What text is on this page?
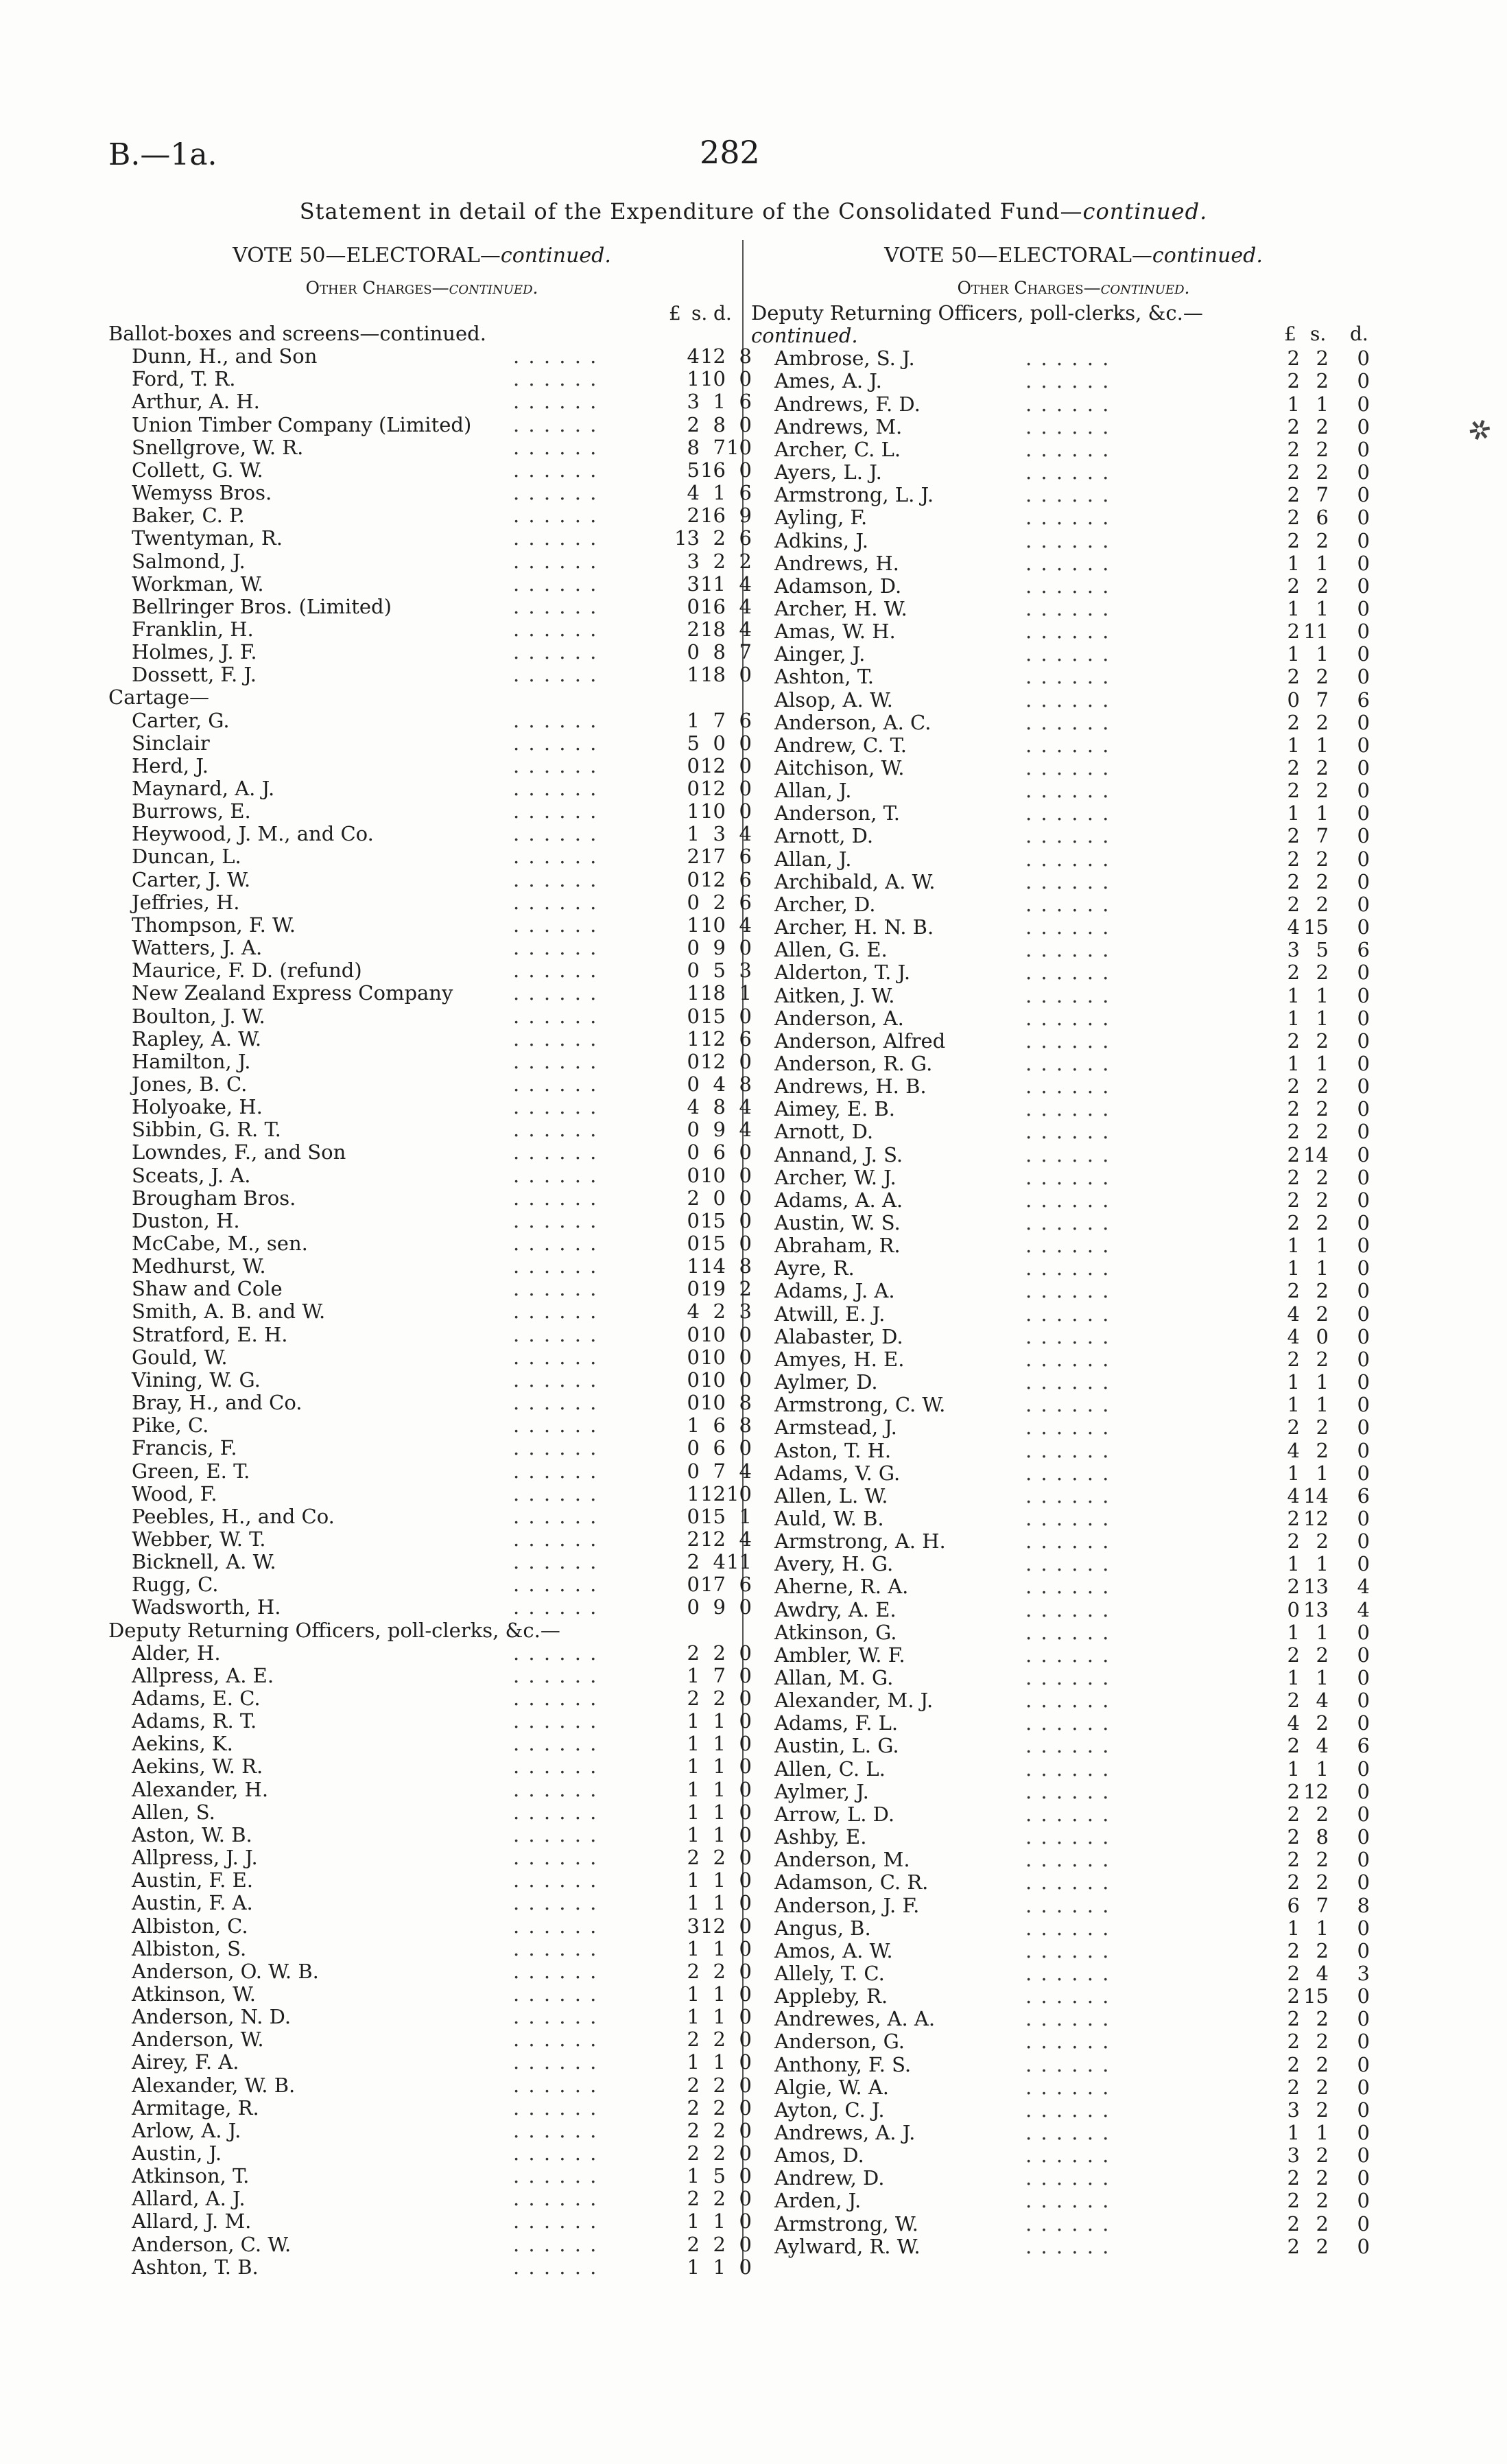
B.—1a.	282
Statement in detail of the Expenditure of the Consolidated Fund—continued.
VOTE 50—ELECTORAL—continued.
Other Charges—continued.
VOTE 50—ELECTORAL—continued.
Other Charges—continued.
£ s. d.
£ s. d.
Ballot-boxes and screens—continued.
Dunn, H., and Son	. . . . . .	4 12 8
Ford, T. R.	. . . . . .	1 10 0
Arthur, A. H.	. . . . . .	3 1 6
Union Timber Company (Limited) . . . . . .	2 8 0
Snellgrove, W. R.	. . . . . .	8 7 10
Collett, G. W.	. . . . . .	5 16 0
Wemyss Bros.	. . . . . .	4 1 6
Baker, C. P.	. . . . . .	2 16 9
Twentyman, R.	. . . . . .	13 2 6
Salmond, J.	. . . . . .	3 2 2
Workman, W.	. . . . . .	3 11 4
Bellringer Bros. (Limited)	. . . . . .	0 16 4
Franklin, H.	. . . . . .	2 18 4
Holmes, J. F.	. . . . . .	0 8 7
Dossett, F. J.	. . . . . .	1 18 0
Cartage—
Carter, G.	. . . . . .	1 7 6
Sinclair	. . . . . .	5 0 0
Herd, J.	. . . . . .	0 12 0
Maynard, A. J.	. . . . . .	0 12 0
Burrows, E.	. . . . . .	1 10 0
Heywood, J. M., and Co.	. . . . . .	1 3 4
Duncan, L.	. . . . . .	2 17 6
Carter, J. W.	. . . . . .	0 12 6
Jeffries, H.	. . . . . .	0 2 6
Thompson, F. W.	. . . . . .	1 10 4
Watters, J. A.	. . . . . .	0 9 0
Maurice, F. D. (refund)	. . . . . .	0 5 3
New Zealand Express Company	. . . . . .	1 18 1
Boulton, J. W.	. . . . . .	0 15 0
Rapley, A. W.	. . . . . .	1 12 6
Hamilton, J.	. . . . . .	0 12 0
Jones, B. C.	. . . . . .	0 4 8
Holyoake, H.	. . . . . .	4 8 4
Sibbin, G. R. T.	. . . . . .	0 9 4
Lowndes, F., and Son	. . . . . .	0 6 0
Sceats, J. A.	. . . . . .	0 10 0
Brougham Bros.	. . . . . .	2 0 0
Duston, H.	. . . . . .	0 15 0
McCabe, M., sen.	. . . . . .	0 15 0
Medhurst, W.	. . . . . .	1 14 8
Shaw and Cole	. . . . . .	0 19 2
Smith, A. B. and W.	. . . . . .	4 2 3
Stratford, E. H.	. . . . . .	0 10 0
Gould, W.	. . . . . .	0 10 0
Vining, W. G.	. . . . . .	0 10 0
Bray, H., and Co.	. . . . . .	0 10 8
Pike, C.	. . . . . .	1 6 8
Francis, F.	. . . . . .	0 6 0
Green, E. T.	. . . . . .	0 7 4
Wood, F.	. . . . . .	1 12 10
Peebles, H., and Co.	. . . . . .	0 15 1
Webber, W. T.	. . . . . .	2 12 4
Bicknell, A. W.	. . . . . .	2 4 11
Rugg, C.	. . . . . .	0 17 6
Wadsworth, H.	. . . . . .	0 9 0
Deputy Returning Officers, poll-clerks, &c.—
Alder, H.	. . . . . .	2 2 0
Allpress, A. E.	. . . . . .	1 7 0
Adams, E. C.	. . . . . .	2 2 0
Adams, R. T.	. . . . . .	1 1 0
Aekins, K.	. . . . . .	1 1 0
Aekins, W. R.	. . . . . .	1 1 0
Alexander, H.	. . . . . .	1 1 0
Allen, S.	. . . . . .	1 1 0
Aston, W. B.	. . . . . .	1 1 0
Allpress, J. J.	. . . . . .	2 2 0
Austin, F. E.	. . . . . .	1 1 0
Austin, F. A.	. . . . . .	1 1 0
Albiston, C.	. . . . . .	3 12 0
Albiston, S.	. . . . . .	1 1 0
Anderson, O. W. B.	. . . . . .	2 2 0
Atkinson, W.	. . . . . .	1 1 0
Anderson, N. D.	. . . . . .	1 1 0
Anderson, W.	. . . . . .	2 2 0
Airey, F. A.	. . . . . .	1 1 0
Alexander, W. B.	. . . . . .	2 2 0
Armitage, R.	. . . . . .	2 2 0
Arlow, A. J.	. . . . . .	2 2 0
Austin, J.	. . . . . .	2 2 0
Atkinson, T.	. . . . . .	1 5 0
Allard, A. J.	. . . . . .	2 2 0
Allard, J. M.	. . . . . .	1 1 0
Anderson, C. W.	. . . . . .	2 2 0
Ashton, T. B.	. . . . . .	1 1 0
Deputy Returning Officers, poll-clerks, &c.—
continued.
Ambrose, S. J.	. . . . . .	2 2	0
Ames, A. J.	. . . . . .	2 2	0
Andrews, F. D.	. . . . . .	1 1	0
Andrews, M.	. . . . . .	2 2	0
Archer, C. L.	. . . . . .	2 2	0
Ayers, L. J.	. . . . . .	2 2	0
Armstrong, L. J.	. . . . . .	2 7	0
Ayling, F.	. . . . . .	2 6	0
Adkins, J.	. . . . . .	2 2	0
Andrews, H.	. . . . . .	1 1	0
Adamson, D.	. . . . . .	2 2	0
Archer, H. W.	. . . . . .	1 1	0
Amas, W. H.	. . . . . .	2 11	0
Ainger, J.	. . . . . .	1 1	0
Ashton, T.	. . . . . .	2 2	0
Alsop, A. W.	. . . . . .	0 7	6
Anderson, A. C.	. . . . . .	2 2	0
Andrew, C. T.	. . . . . .	1 1	0
Aitchison, W.	. . . . . .	2 2	0
Allan, J.	. . . . . .	2 2	0
Anderson, T.	. . . . . .	1 1	0
Arnott, D.	. . . . . .	2 7	0
Allan, J.	. . . . . .	2 2	0
Archibald, A. W.	. . . . . .	2 2	0
Archer, D.	. . . . . .	2 2	0
Archer, H. N. B.	. . . . . .	4 15	0
Allen, G. E.	. . . . . .	3 5	6
Alderton, T. J.	. . . . . .	2 2	0
Aitken, J. W.	. . . . . .	1 1	0
Anderson, A.	. . . . . .	1 1	0
Anderson, Alfred	. . . . . .	2 2	0
Anderson, R. G.	. . . . . .	1 1	0
Andrews, H. B.	. . . . . .	2 2	0
Aimey, E. B.	. . . . . .	2 2	0
Arnott, D.	. . . . . .	2 2	0
Annand, J. S.	. . . . . .	2 14	0
Archer, W. J.	. . . . . .	2 2	0
Adams, A. A.	. . . . . .	2 2	0
Austin, W. S.	. . . . . .	2 2	0
Abraham, R.	. . . . . .	1 1	0
Ayre, R.	. . . . . .	1 1	0
Adams, J. A.	. . . . . .	2 2	0
Atwill, E. J.	. . . . . .	4 2	0
Alabaster, D.	. . . . . .	4 0	0
Amyes, H. E.	. . . . . .	2 2	0
Aylmer, D.	. . . . . .	1 1	0
Armstrong, C. W.	. . . . . .	1 1	0
Armstead, J.	. . . . . .	2 2	0
Aston, T. H.	. . . . . .	4 2	0
Adams, V. G.	. . . . . .	1 1	0
Allen, L. W.	. . . . . .	4 14	6
Auld, W. B.	. . . . . .	2 12	0
Armstrong, A. H.	. . . . . .	2 2	0
Avery, H. G.	. . . . . .	1 1	0
Aherne, R. A.	. . . . . .	2 13	4
Awdry, A. E.	. . . . . .	0 13	4
Atkinson, G.	. . . . . .	1 1	0
Ambler, W. F.	. . . . . .	2 2	0
Allan, M. G.	. . . . . .	1 1	0
Alexander, M. J.	. . . . . .	2 4	0
Adams, F. L.	. . . . . .	4 2	0
Austin, L. G.	. . . . . .	2 4	6
Allen, C. L.	. . . . . .	1 1	0
Aylmer, J.	. . . . . .	2 12	0
Arrow, L. D.	. . . . . .	2 2	0
Ashby, E.	. . . . . .	2 8	0
Anderson, M.	. . . . . .	2 2	0
Adamson, C. R.	. . . . . .	2 2	0
Anderson, J. F.	. . . . . .	6 7	8
Angus, B.	. . . . . .	1 1	0
Amos, A. W.	. . . . . .	2 2	0
Allely, T. C.	. . . . . .	2 4	3
Appleby, R.	. . . . . .	2 15	0
Andrewes, A. A.	. . . . . .	2 2	0
Anderson, G.	. . . . . .	2 2	0
Anthony, F. S.	. . . . . .	2 2	0
Algie, W. A.	. . . . . .	2 2	0
Ayton, C. J.	. . . . . .	3 2	0
Andrews, A. J.	. . . . . .	1 1	0
Amos, D.	. . . . . .	3 2	0
Andrew, D.	. . . . . .	2 2	0
Arden, J.	. . . . . .	2 2	0
Armstrong, W.	. . . . . .	2 2	0
Aylward, R. W.	. . . . . .	2 2	0
✲
